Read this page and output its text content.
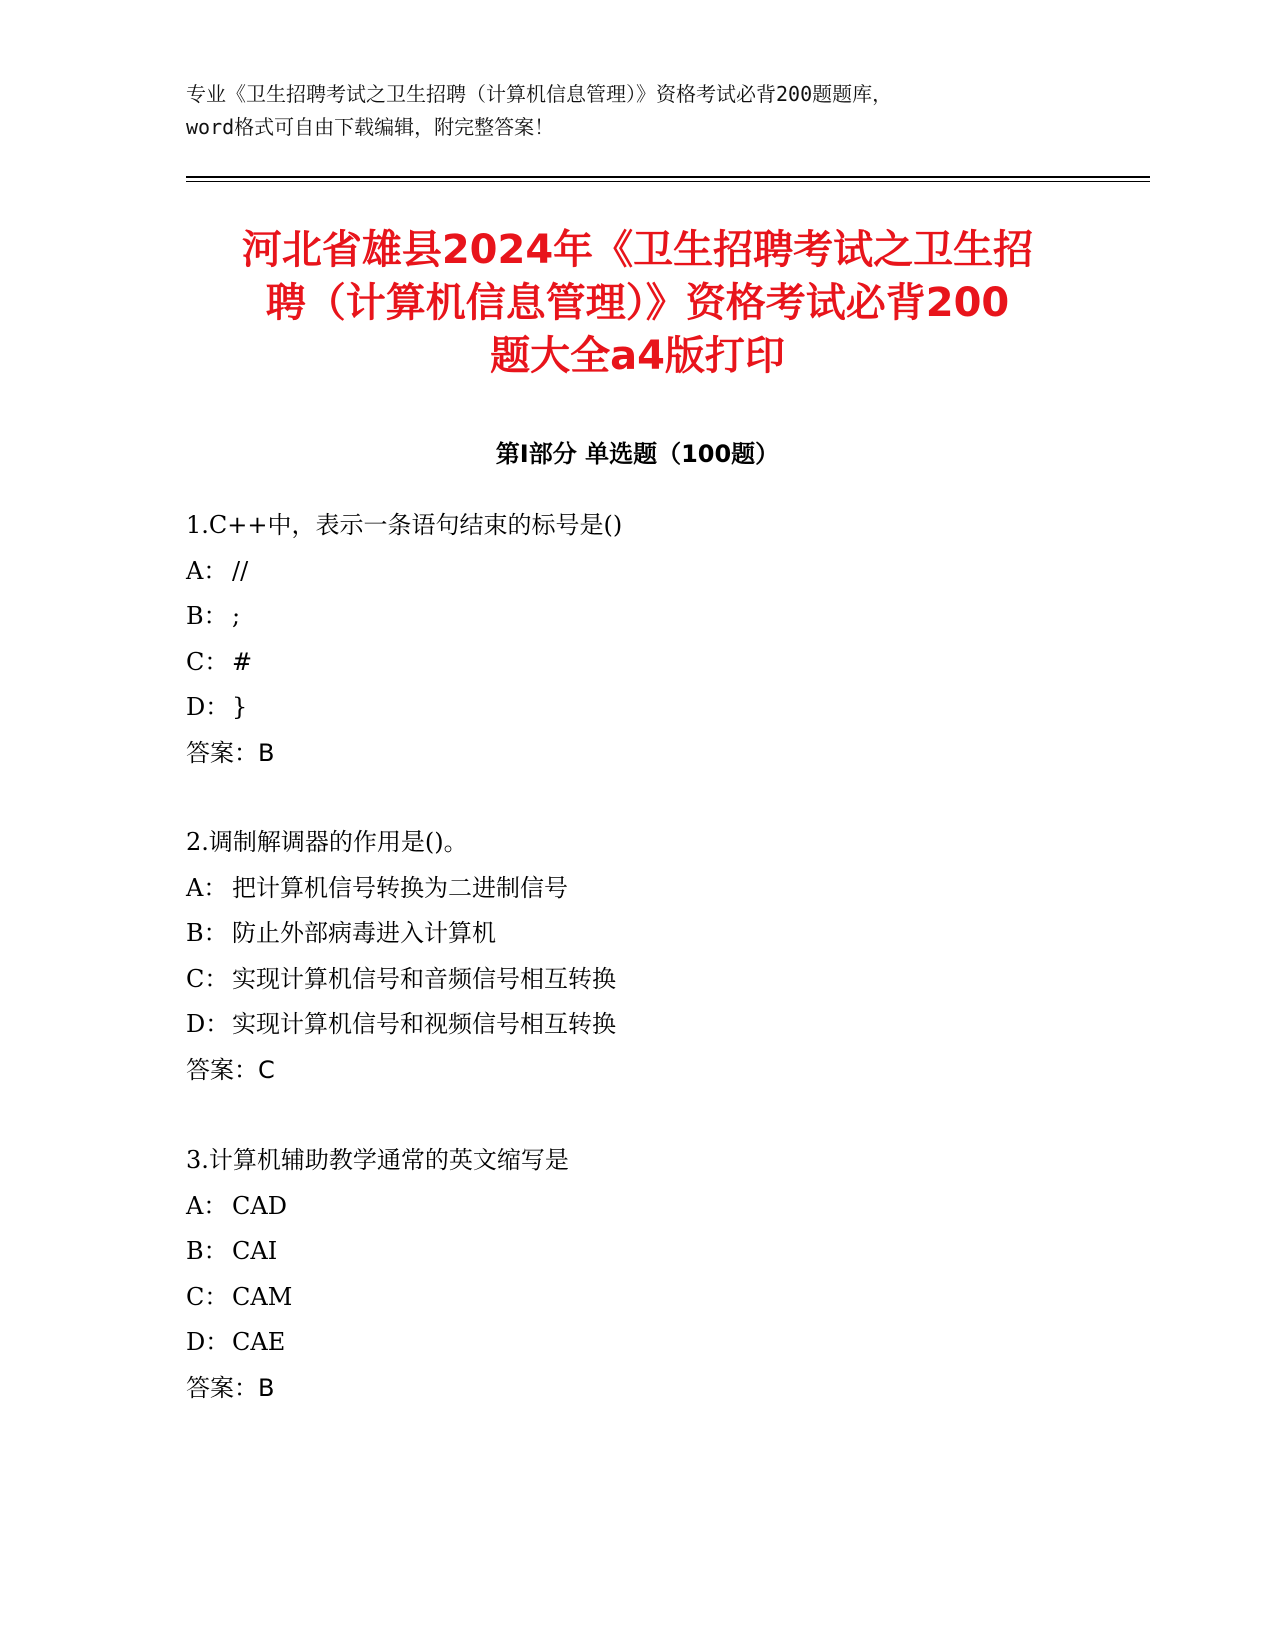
专业《卫生招聘考试之卫生招聘（计算机信息管理）》资格考试必背200题题库，
word格式可自由下载编辑，附完整答案！
河北省雄县2024年《卫生招聘考试之卫生招
聘（计算机信息管理）》资格考试必背200
题大全a4版打印
第Ⅰ部分 单选题（100题）
1.C++中，表示一条语句结束的标号是()
A： //
B： ;
C： #
D： }
答案：B
2.调制解调器的作用是()。
A： 把计算机信号转换为二进制信号
B： 防止外部病毒进入计算机
C： 实现计算机信号和音频信号相互转换
D： 实现计算机信号和视频信号相互转换
答案：C
3.计算机辅助教学通常的英文缩写是
A： CAD
B： CAI
C： CAM
D： CAE
答案：B
